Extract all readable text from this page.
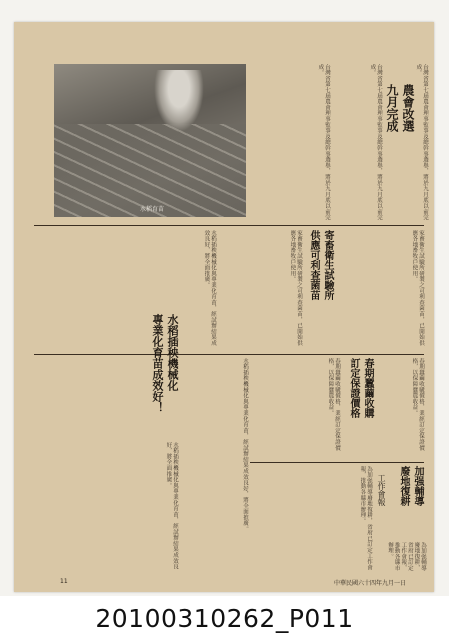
水稻育苗	台灣省第七屆農會理事監事及總幹事選舉，將於九月底以前完成。
農會改選
九月完成
台灣省第七屆農會理事監事及總幹事選舉，將於九月底以前完成。	台灣省第七屆農會理事監事及總幹事選舉，將於九月底以前完成。
寄畜衛生試驗所
供應可利查菌苗	家畜衛生試驗所研製之可利查菌苗，已開始供應各地畜牧戶使用。
家畜衛生試驗所研製之可利查菌苗，已開始供應各地畜牧戶使用。
水稻插秧機械化與專業化育苗，經試辦結果成效良好，將全面推廣。
春期蠶繭收購
訂定保證價格	春期蠶繭收購價格，業經訂定保證價格，以保障蠶農收益。
春期蠶繭收購價格，業經訂定保證價格，以保障蠶農收益。
水稻插秧機械化
專業化育苗成效好！	水稻插秧機械化與專業化育苗，經試辦結果成效良好，將全面推廣。
水稻插秧機械化與專業化育苗，經試辦結果成效良好，將全面推廣。	加强輔導
廢地復耕
工作會報
為加强輔導廢地復耕，省府已訂定工作會報，推動各縣市辦理。
為加强輔導廢地復耕，省府已訂定工作會報，推動各縣市辦理。
11	中華民國六十四年九月一日
20100310262_P011
